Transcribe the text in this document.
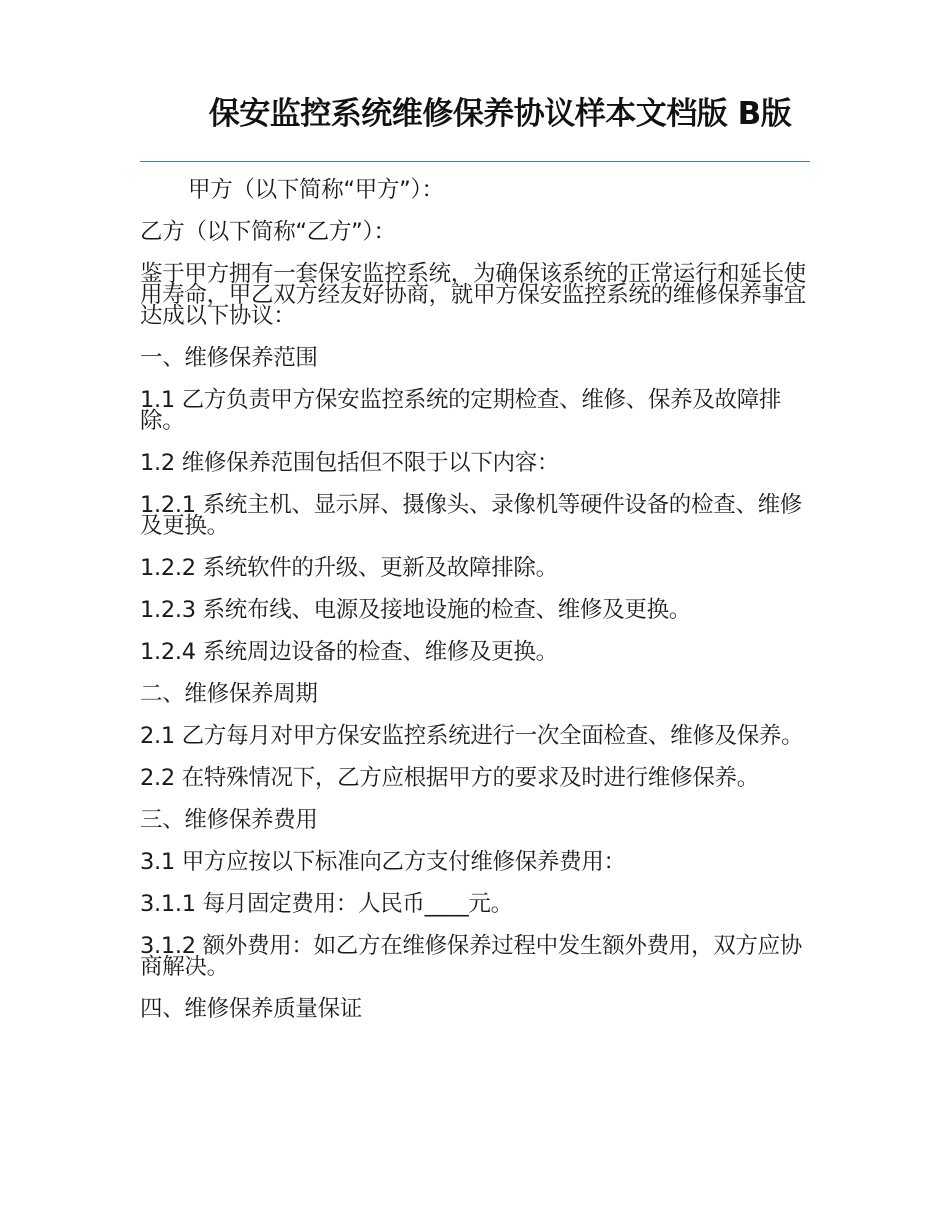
保安监控系统维修保养协议样本文档版 B版

甲方（以下简称“甲方”）：

乙方（以下简称“乙方”）：

鉴于甲方拥有一套保安监控系统，为确保该系统的正常运行和延长使用寿命，甲乙双方经友好协商，就甲方保安监控系统的维修保养事宜达成以下协议：

一、维修保养范围

1.1 乙方负责甲方保安监控系统的定期检查、维修、保养及故障排除。

1.2 维修保养范围包括但不限于以下内容：

1.2.1 系统主机、显示屏、摄像头、录像机等硬件设备的检查、维修及更换。

1.2.2 系统软件的升级、更新及故障排除。

1.2.3 系统布线、电源及接地设施的检查、维修及更换。

1.2.4 系统周边设备的检查、维修及更换。

二、维修保养周期

2.1 乙方每月对甲方保安监控系统进行一次全面检查、维修及保养。

2.2 在特殊情况下，乙方应根据甲方的要求及时进行维修保养。

三、维修保养费用

3.1 甲方应按以下标准向乙方支付维修保养费用：

3.1.1 每月固定费用：人民币____元。

3.1.2 额外费用：如乙方在维修保养过程中发生额外费用，双方应协商解决。

四、维修保养质量保证
